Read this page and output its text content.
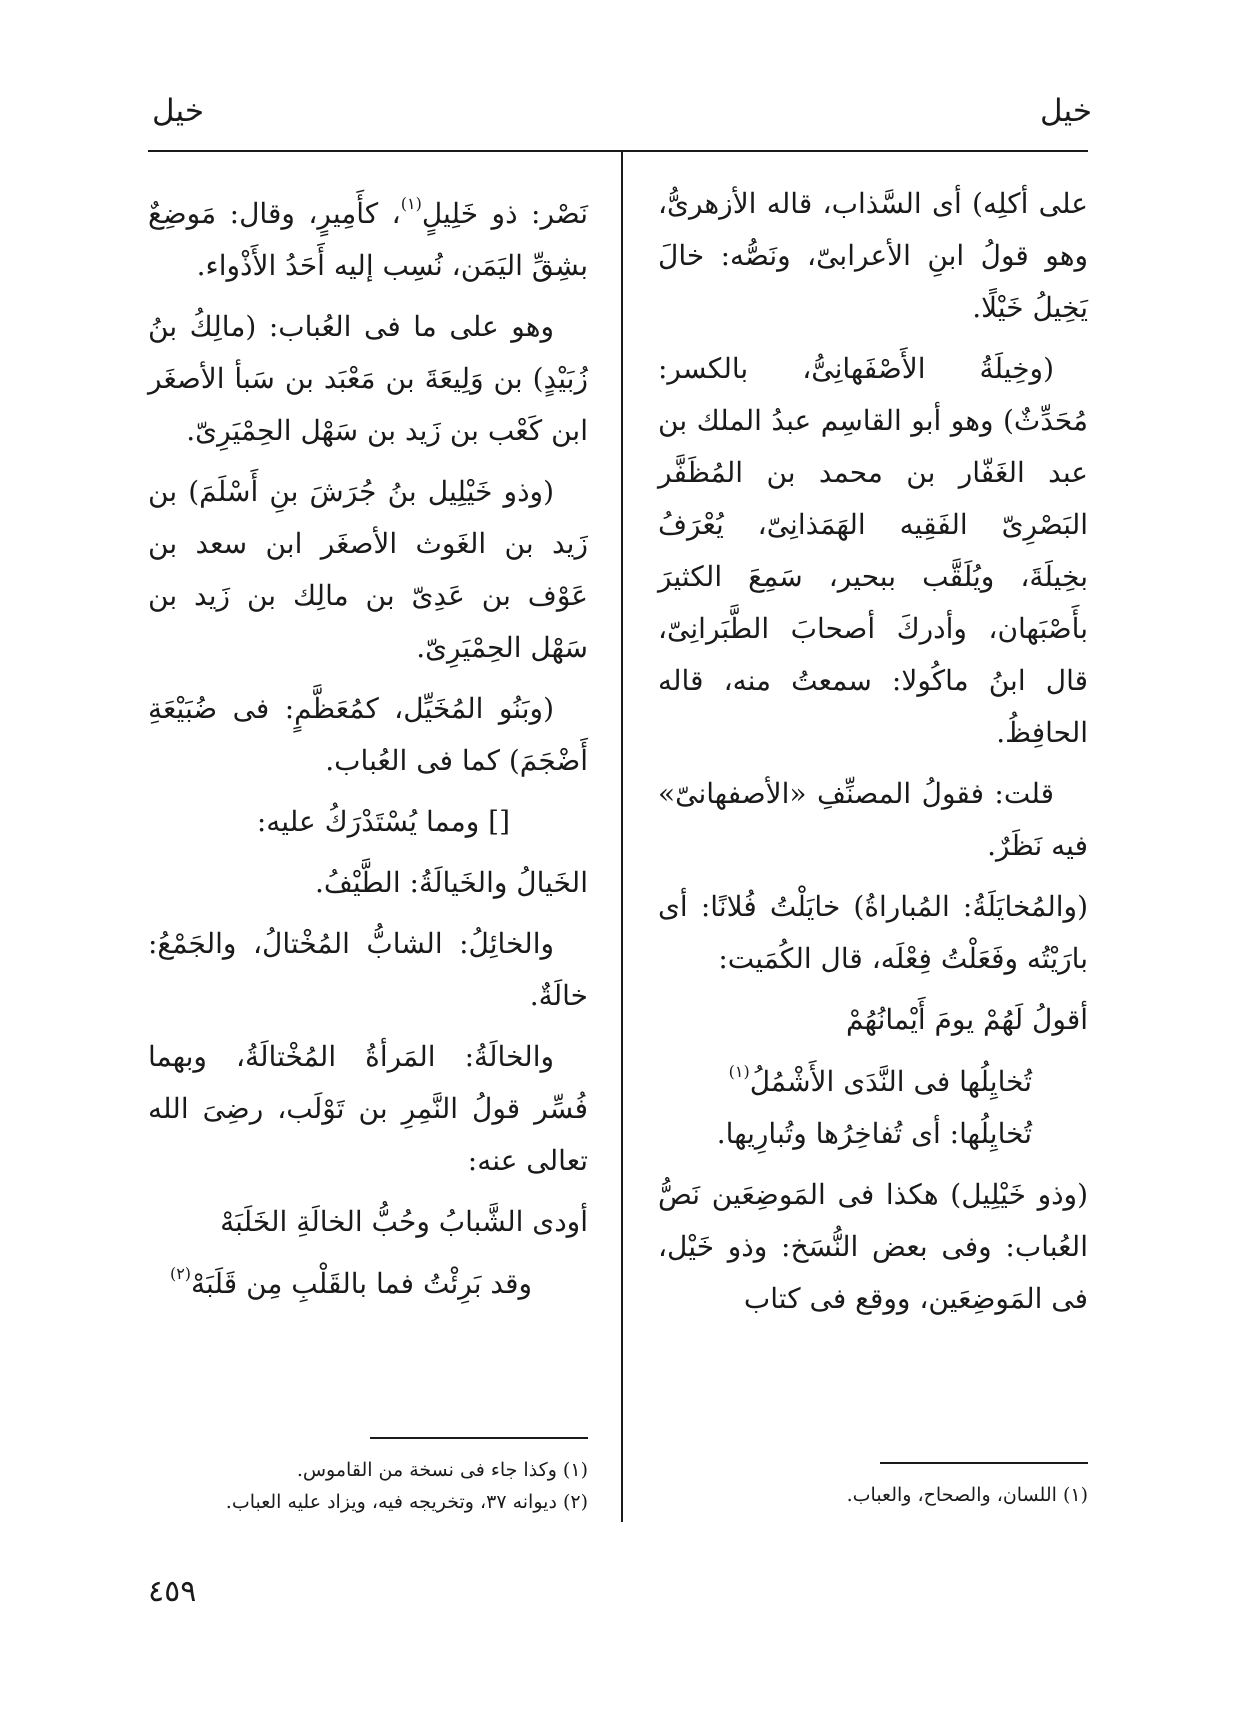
خيل
خيل

على أكلِه) أى السَّذاب، قاله الأزهرىُّ، وهو قولُ ابنِ الأعرابىّ، ونَصُّه: خالَ يَخِيلُ خَيْلًا.

(وخِيلَةُ الأَصْفَهانِىُّ، بالكسر: مُحَدِّثٌ) وهو أبو القاسِم عبدُ الملك بن عبد الغَفّار بن محمد بن المُظَفَّر البَصْرِىّ الفَقِيه الهَمَذانِىّ، يُعْرَفُ بخِيلَةَ، ويُلَقَّب ببحير، سَمِعَ الكثيرَ بأَصْبَهان، وأدركَ أصحابَ الطَّبَرانِىّ، قال ابنُ ماكُولا: سمعتُ منه، قاله الحافِظُ.

قلت: فقولُ المصنِّفِ «الأصفهانىّ» فيه نَظَرٌ.

(والمُخايَلَةُ: المُباراةُ) خايَلْتُ فُلانًا: أى بارَيْتُه وفَعَلْتُ فِعْلَه، قال الكُمَيت:

أقولُ لَهُمْ يومَ أَيْمانُهُمْ

تُخايِلُها فى النَّدَى الأَشْمُلُ$^{(١)}$

تُخايِلُها: أى تُفاخِرُها وتُبارِيها.

(وذو خَيْلِيل) هكذا فى المَوضِعَين نَصُّ العُباب: وفى بعض النُّسَخ: وذو خَيْل، فى المَوضِعَين، ووقع فى كتاب

نَصْر: ذو خَلِيلٍ$^{(١)}$، كأَمِيرٍ، وقال: مَوضِعٌ بشِقِّ اليَمَن، نُسِب إليه أَحَدُ الأَذْواء.

وهو على ما فى العُباب: (مالِكُ بنُ زُبَيْدٍ) بن وَلِيعَةَ بن مَعْبَد بن سَبأ الأصغَر ابن كَعْب بن زَيد بن سَهْل الحِمْيَرِىّ.

(وذو خَيْلِيل بنُ جُرَشَ بنِ أَسْلَمَ) بن زَيد بن الغَوث الأصغَر ابن سعد بن عَوْف بن عَدِىّ بن مالِك بن زَيد بن سَهْل الحِمْيَرِىّ.

(وبَنُو المُخَيِّل، كمُعَظَّمٍ: فى ضُبَيْعَةِ أَضْجَمَ) كما فى العُباب.

[] ومما يُسْتَدْرَكُ عليه:

الخَيالُ والخَيالَةُ: الطَّيْفُ.

والخائِلُ: الشابُّ المُخْتالُ، والجَمْعُ: خالَةٌ.

والخالَةُ: المَرأةُ المُخْتالَةُ، وبهما فُسِّر قولُ النَّمِرِ بن تَوْلَب، رضِىَ الله تعالى عنه:

أودى الشَّبابُ وحُبُّ الخالَةِ الخَلَبَهْ

وقد بَرِئْتُ فما بالقَلْبِ مِن قَلَبَهْ$^{(٢)}$

(١) اللسان، والصحاح، والعباب.
(١) وكذا جاء فى نسخة من القاموس.
(٢) ديوانه ٣٧، وتخريجه فيه، ويزاد عليه العباب.
٤٥٩
